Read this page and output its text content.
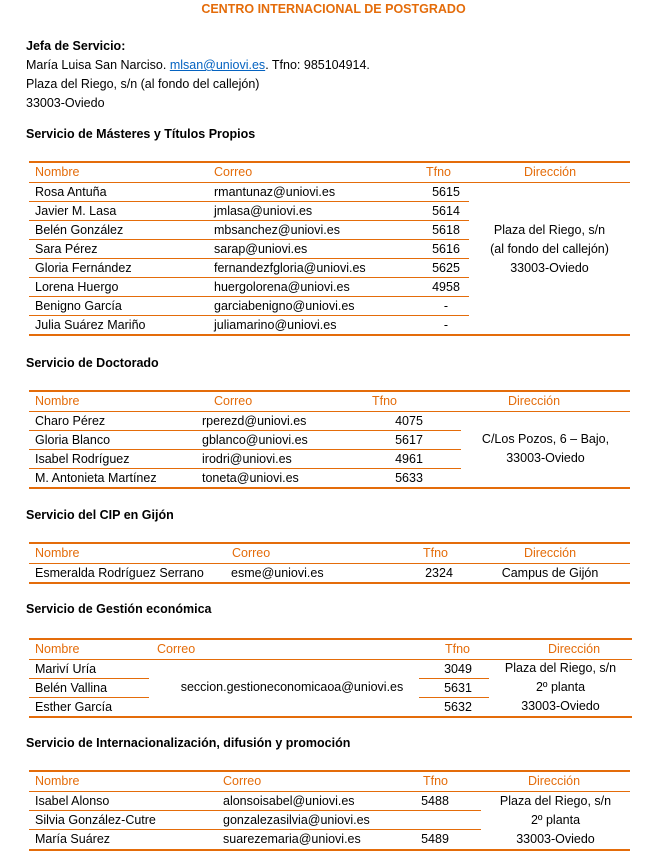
CENTRO INTERNACIONAL DE POSTGRADO
Jefa de Servicio:
María Luisa San Narciso. mlsan@uniovi.es. Tfno: 985104914.
Plaza del Riego, s/n (al fondo del callejón)
33003-Oviedo
Servicio de Másteres y Títulos Propios
Nombre	Correo	Tfno	Dirección
Plaza del Riego, s/n
(al fondo del callejón)
33003-Oviedo
Rosa Antuña	rmantunaz@uniovi.es	5615
Javier M. Lasa	jmlasa@uniovi.es	5614
Belén González	mbsanchez@uniovi.es	5618
Sara Pérez	sarap@uniovi.es	5616
Gloria Fernández	fernandezfgloria@uniovi.es	5625
Lorena Huergo	huergolorena@uniovi.es	4958
Benigno García	garciabenigno@uniovi.es	-
Julia Suárez Mariño	juliamarino@uniovi.es	-
Servicio de Doctorado
Nombre	Correo	Tfno	Dirección
C/Los Pozos, 6 – Bajo,
33003-Oviedo
Charo Pérez	rperezd@uniovi.es	4075
Gloria Blanco	gblanco@uniovi.es	5617
Isabel Rodríguez	irodri@uniovi.es	4961
M. Antonieta Martínez	toneta@uniovi.es	5633
Servicio del CIP en Gijón
Nombre	Correo	Tfno	Dirección
Esmeralda Rodríguez Serrano esme@uniovi.es	2324	Campus de Gijón
Servicio de Gestión económica
Nombre	Correo	Tfno	Dirección
seccion.gestioneconomicaoa@uniovi.es
Plaza del Riego, s/n
2º planta
33003-Oviedo
Mariví Uría	3049
Belén Vallina	5631
Esther García	5632
Servicio de Internacionalización, difusión y promoción
Nombre	Correo	Tfno	Dirección
Plaza del Riego, s/n
2º planta
33003-Oviedo
Isabel Alonso	alonsoisabel@uniovi.es	5488
Silvia González-Cutre	gonzalezasilvia@uniovi.es
María Suárez	suarezemaria@uniovi.es	5489
